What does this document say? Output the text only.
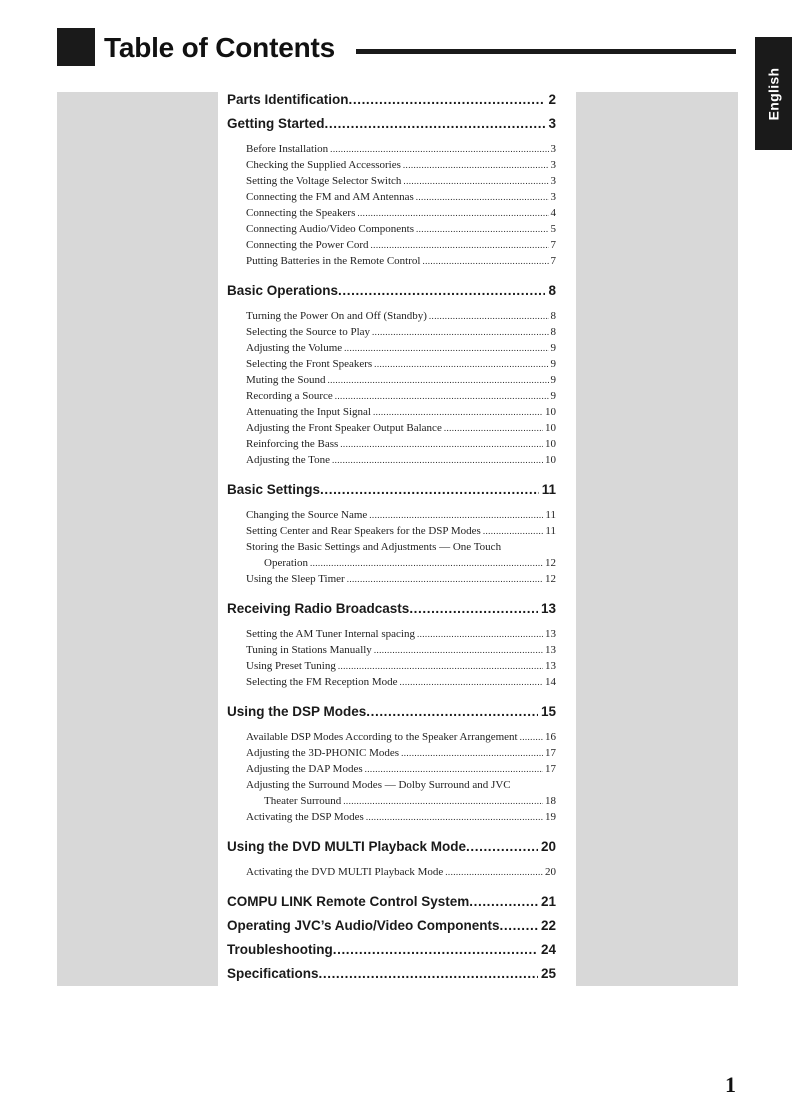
Table of Contents
English
Parts Identification .....	2
Getting Started .....	3
Before Installation .....	3
Checking the Supplied Accessories .....	3
Setting the Voltage Selector Switch .....	3
Connecting the FM and AM Antennas .....	3
Connecting the Speakers .....	4
Connecting Audio/Video Components .....	5
Connecting the Power Cord .....	7
Putting Batteries in the Remote Control .....	7
Basic Operations .....	8
Turning the Power On and Off (Standby) .....	8
Selecting the Source to Play .....	8
Adjusting the Volume .....	9
Selecting the Front Speakers .....	9
Muting the Sound .....	9
Recording a Source .....	9
Attenuating the Input Signal .....	10
Adjusting the Front Speaker Output Balance .....	10
Reinforcing the Bass .....	10
Adjusting the Tone .....	10
Basic Settings .....	11
Changing the Source Name .....	11
Setting Center and Rear Speakers for the DSP Modes .....	11
Storing the Basic Settings and Adjustments — One Touch
Operation .....	12
Using the Sleep Timer .....	12
Receiving Radio Broadcasts .....	13
Setting the AM Tuner Internal spacing .....	13
Tuning in Stations Manually .....	13
Using Preset Tuning .....	13
Selecting the FM Reception Mode .....	14
Using the DSP Modes .....	15
Available DSP Modes According to the Speaker Arrangement ..... 16
Adjusting the 3D-PHONIC Modes .....	17
Adjusting the DAP Modes .....	17
Adjusting the Surround Modes — Dolby Surround and JVC
Theater Surround .....	18
Activating the DSP Modes .....	19
Using the DVD MULTI Playback Mode .....	20
Activating the DVD MULTI Playback Mode .....	20
COMPU LINK Remote Control System .....	21
Operating JVC’s Audio/Video Components .....	22
Troubleshooting .....	24
Specifications .....	25
1
